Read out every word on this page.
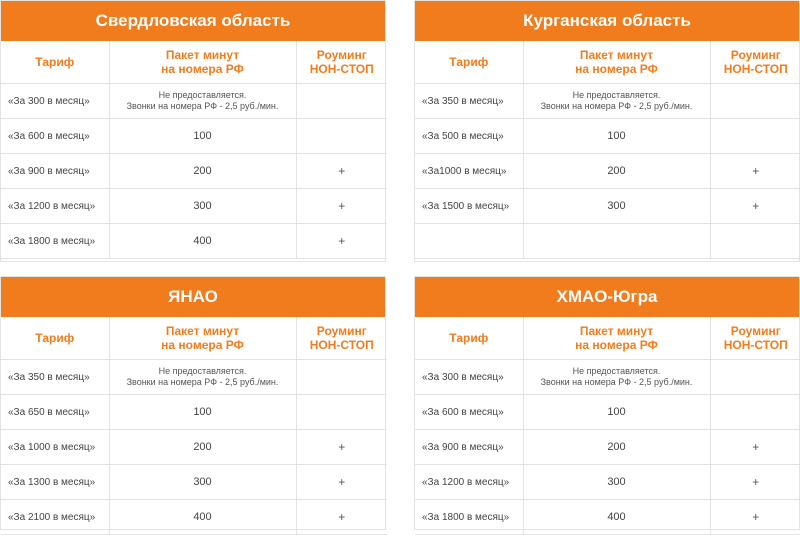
Свердловская область
Тариф	Пакет минут
на номера РФ	Роуминг
НОН-СТОП

«За 300 в месяц»	Не предоставляется.
Звонки на номера РФ - 2,5 руб./мин.	

«За 600 в месяц»	100	
«За 900 в месяц»	200	+
«За 1200 в месяц»	300	+
«За 1800 в месяц»	400	+
Курганская область
Тариф	Пакет минут
на номера РФ	Роуминг
НОН-СТОП

«За 350 в месяц»	Не предоставляется.
Звонки на номера РФ - 2,5 руб./мин.	

«За 500 в месяц»	100	
«За1000 в месяц»	200	+
«За 1500 в месяц»	300	+

ЯНАО
Тариф	Пакет минут
на номера РФ	Роуминг
НОН-СТОП

«За 350 в месяц»	Не предоставляется.
Звонки на номера РФ - 2,5 руб./мин.	

«За 650 в месяц»	100	
«За 1000 в месяц»	200	+
«За 1300 в месяц»	300	+
«За 2100 в месяц»	400	+
ХМАО-Югра
Тариф	Пакет минут
на номера РФ	Роуминг
НОН-СТОП

«За 300 в месяц»	Не предоставляется.
Звонки на номера РФ - 2,5 руб./мин.	

«За 600 в месяц»	100	
«За 900 в месяц»	200	+
«За 1200 в месяц»	300	+
«За 1800 в месяц»	400	+
